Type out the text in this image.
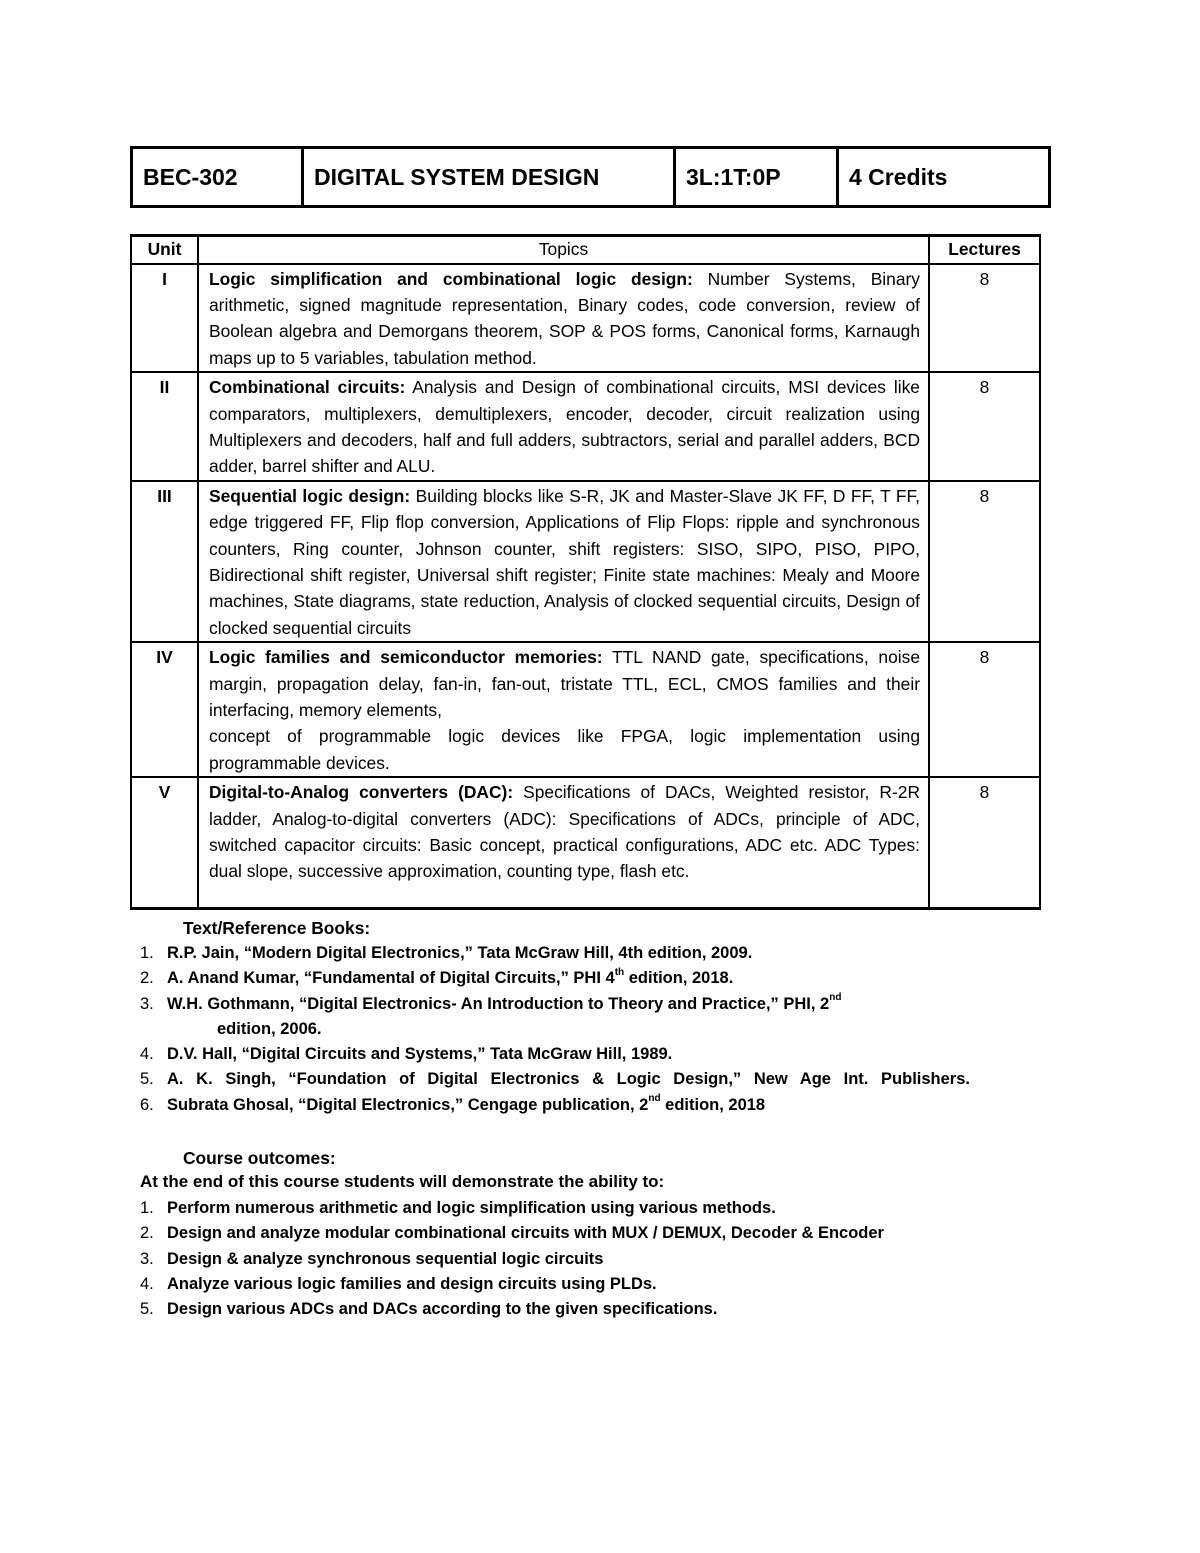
BEC-302	DIGITAL SYSTEM DESIGN	3L:1T:0P	4 Credits
Unit	Topics	Lectures
I	Logic simplification and combinational logic design: Number Systems, Binary arithmetic, signed magnitude representation, Binary codes, code conversion, review of Boolean algebra and Demorgans theorem, SOP & POS forms, Canonical forms, Karnaugh maps up to 5 variables, tabulation method.	8
II	Combinational circuits: Analysis and Design of combinational circuits, MSI devices like comparators, multiplexers, demultiplexers, encoder, decoder, circuit realization using Multiplexers and decoders, half and full adders, subtractors, serial and parallel adders, BCD adder, barrel shifter and ALU.	8
III	Sequential logic design: Building blocks like S-R, JK and Master-Slave JK FF, D FF, T FF, edge triggered FF, Flip flop conversion, Applications of Flip Flops: ripple and synchronous counters, Ring counter, Johnson counter, shift registers: SISO, SIPO, PISO, PIPO, Bidirectional shift register, Universal shift register; Finite state machines: Mealy and Moore machines, State diagrams, state reduction, Analysis of clocked sequential circuits, Design of clocked sequential circuits	8
IV	Logic families and semiconductor memories: TTL NAND gate, specifications, noise margin, propagation delay, fan-in, fan-out, tristate TTL, ECL, CMOS families and their interfacing, memory elements,
concept of programmable logic devices like FPGA, logic implementation using programmable devices.	8
V	Digital-to-Analog converters (DAC): Specifications of DACs, Weighted resistor, R-2R ladder, Analog-to-digital converters (ADC): Specifications of ADCs, principle of ADC, switched capacitor circuits: Basic concept, practical configurations, ADC etc. ADC Types: dual slope, successive approximation, counting type, flash etc.	8
Text/Reference Books:
1. R.P. Jain, “Modern Digital Electronics,” Tata McGraw Hill, 4th edition, 2009.
2. A. Anand Kumar, “Fundamental of Digital Circuits,” PHI 4th edition, 2018.
3. W.H. Gothmann, “Digital Electronics- An Introduction to Theory and Practice,” PHI, 2nd
edition, 2006.
4. D.V. Hall, “Digital Circuits and Systems,” Tata McGraw Hill, 1989.
5. A. K. Singh, “Foundation of Digital Electronics & Logic Design,” New Age Int. Publishers.
6. Subrata Ghosal, “Digital Electronics,” Cengage publication, 2nd edition, 2018
Course outcomes:
At the end of this course students will demonstrate the ability to:
1. Perform numerous arithmetic and logic simplification using various methods.
2. Design and analyze modular combinational circuits with MUX / DEMUX, Decoder & Encoder
3. Design & analyze synchronous sequential logic circuits
4. Analyze various logic families and design circuits using PLDs.
5. Design various ADCs and DACs according to the given specifications.
